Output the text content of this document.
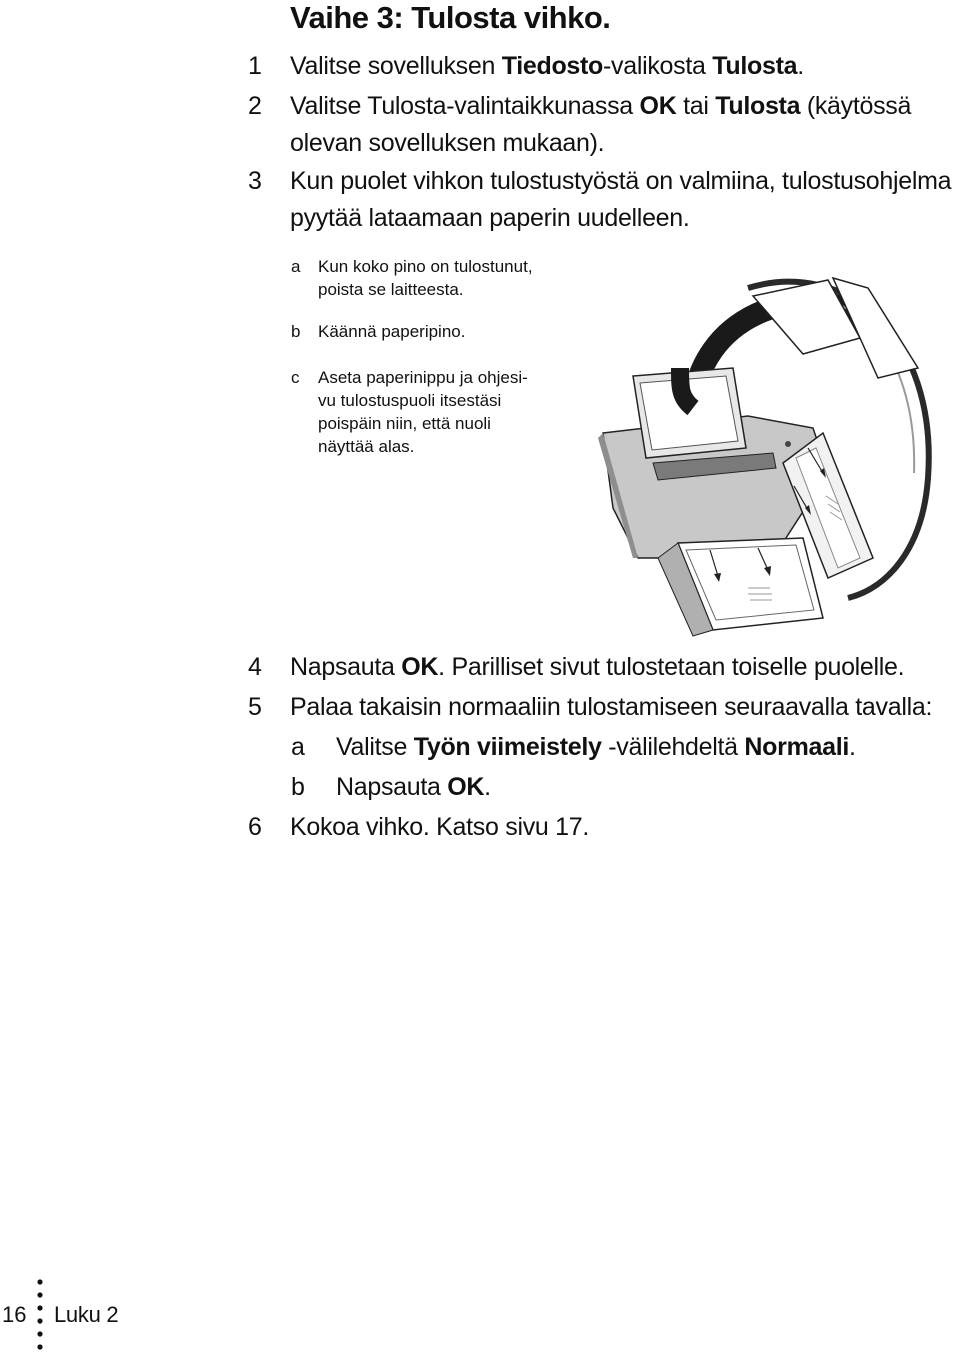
Vaihe 3: Tulosta vihko.
1 Valitse sovelluksen Tiedosto-valikosta Tulosta.
2 Valitse Tulosta-valintaikkunassa OK tai Tulosta (käytössä
olevan sovelluksen mukaan).
3 Kun puolet vihkon tulostustyöstä on valmiina, tulostusohjelma
pyytää lataamaan paperin uudelleen.
a Kun koko pino on tulostunut,
poista se laitteesta.
b Käännä paperipino.
c Aseta paperinippu ja ohjesi-
vu tulostuspuoli itsestäsi
poispäin niin, että nuoli
näyttää alas.
4 Napsauta OK. Parilliset sivut tulostetaan toiselle puolelle.
5 Palaa takaisin normaaliin tulostamiseen seuraavalla tavalla:
a Valitse Työn viimeistely -välilehdeltä Normaali.
b Napsauta OK.
6 Kokoa vihko. Katso sivu 17.
16 Luku 2
